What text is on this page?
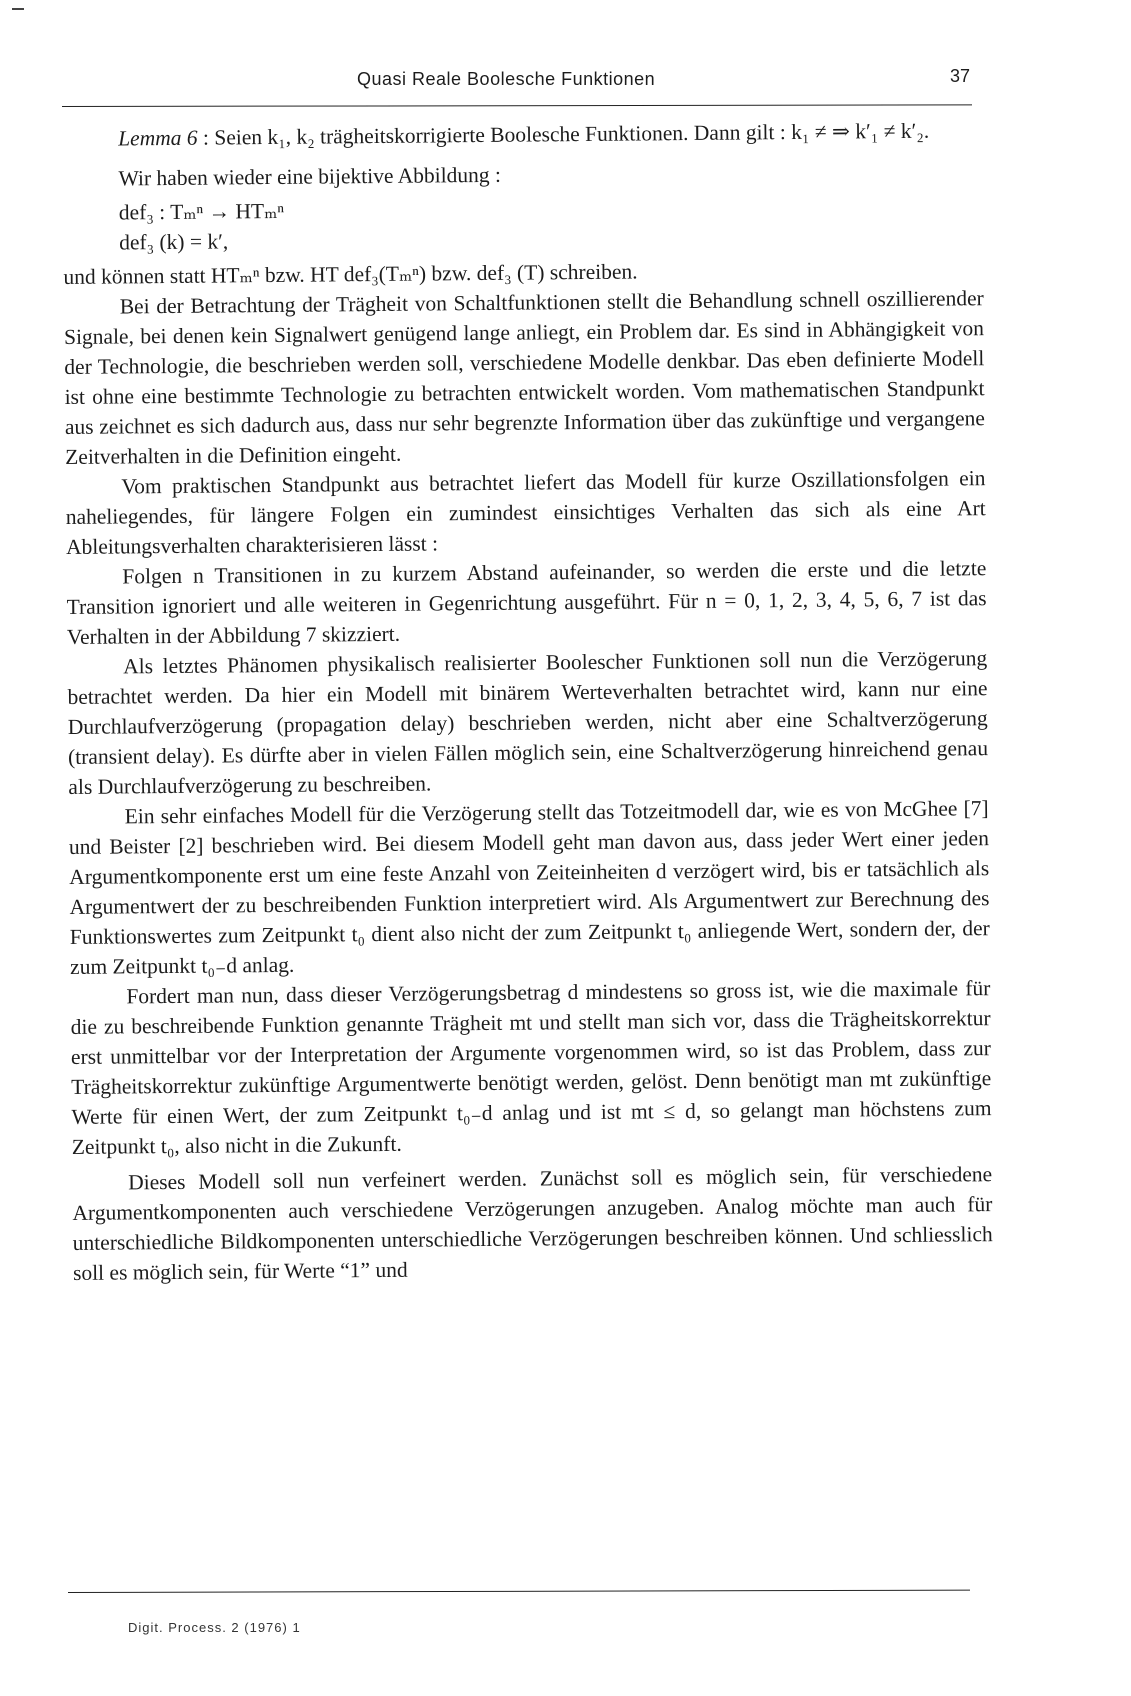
Quasi Reale Boolesche Funktionen	37

Lemma 6 : Seien k₁, k₂ trägheitskorrigierte Boolesche Funktionen. Dann gilt : k₁ ≠ ⇒ k′₁ ≠ k′₂.

Wir haben wieder eine bijektive Abbildung :

def₃ : Tₘⁿ → HTₘⁿ
def₃ (k) = k′,

und können statt HTₘⁿ bzw. HT def₃(Tₘⁿ) bzw. def₃ (T) schreiben.

Bei der Betrachtung der Trägheit von Schaltfunktionen stellt die Behandlung schnell oszillierender Signale, bei denen kein Signalwert genügend lange anliegt, ein Problem dar. Es sind in Abhängigkeit von der Technologie, die beschrieben werden soll, verschiedene Modelle denkbar. Das eben definierte Modell ist ohne eine bestimmte Technologie zu betrachten entwickelt worden. Vom mathematischen Standpunkt aus zeichnet es sich dadurch aus, dass nur sehr begrenzte Information über das zukünftige und vergangene Zeitverhalten in die Definition eingeht.

Vom praktischen Standpunkt aus betrachtet liefert das Modell für kurze Oszillationsfolgen ein naheliegendes, für längere Folgen ein zumindest einsichtiges Verhalten das sich als eine Art Ableitungsverhalten charakterisieren lässt :

Folgen n Transitionen in zu kurzem Abstand aufeinander, so werden die erste und die letzte Transition ignoriert und alle weiteren in Gegenrichtung ausgeführt. Für n = 0, 1, 2, 3, 4, 5, 6, 7 ist das Verhalten in der Abbildung 7 skizziert.

Als letztes Phänomen physikalisch realisierter Boolescher Funktionen soll nun die Verzögerung betrachtet werden. Da hier ein Modell mit binärem Werteverhalten betrachtet wird, kann nur eine Durchlaufverzögerung (propagation delay) beschrieben werden, nicht aber eine Schaltverzögerung (transient delay). Es dürfte aber in vielen Fällen möglich sein, eine Schaltverzögerung hinreichend genau als Durchlaufverzögerung zu beschreiben.

Ein sehr einfaches Modell für die Verzögerung stellt das Totzeitmodell dar, wie es von McGhee [7] und Beister [2] beschrieben wird. Bei diesem Modell geht man davon aus, dass jeder Wert einer jeden Argumentkomponente erst um eine feste Anzahl von Zeiteinheiten d verzögert wird, bis er tatsächlich als Argumentwert der zu beschreibenden Funktion interpretiert wird. Als Argumentwert zur Berechnung des Funktionswertes zum Zeitpunkt t₀ dient also nicht der zum Zeitpunkt t₀ anliegende Wert, sondern der, der zum Zeitpunkt t₀₋d anlag.

Fordert man nun, dass dieser Verzögerungsbetrag d mindestens so gross ist, wie die maximale für die zu beschreibende Funktion genannte Trägheit mt und stellt man sich vor, dass die Trägheitskorrektur erst unmittelbar vor der Interpretation der Argumente vorgenommen wird, so ist das Problem, dass zur Trägheitskorrektur zukünftige Argumentwerte benötigt werden, gelöst. Denn benötigt man mt zukünftige Werte für einen Wert, der zum Zeitpunkt t₀₋d anlag und ist mt ≤ d, so gelangt man höchstens zum Zeitpunkt t₀, also nicht in die Zukunft.

Dieses Modell soll nun verfeinert werden. Zunächst soll es möglich sein, für verschiedene Argumentkomponenten auch verschiedene Verzögerungen anzugeben. Analog möchte man auch für unterschiedliche Bildkomponenten unterschiedliche Verzögerungen beschreiben können. Und schliesslich soll es möglich sein, für Werte “1” und

Digit. Process. 2 (1976) 1
